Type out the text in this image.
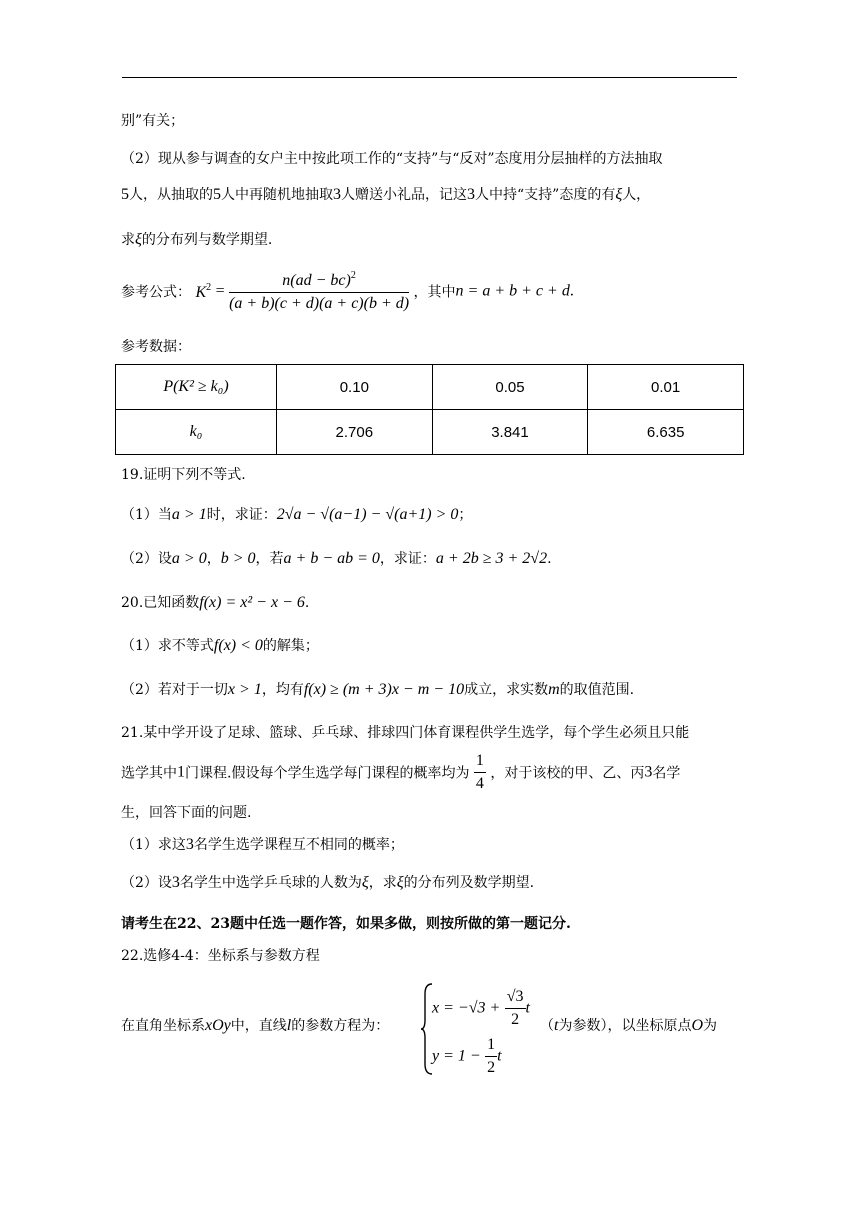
别”有关；
（2）现从参与调查的女户主中按此项工作的“支持”与“反对”态度用分层抽样的方法抽取
5人，从抽取的5人中再随机地抽取3人赠送小礼品，记这3人中持“支持”态度的有ξ人，
求ξ的分布列与数学期望.
参考公式： $K^2 = \frac{n(ad - bc)^2}{(a + b)(c + d)(a + c)(b + d)}$ ，其中n = a + b + c + d.
参考数据：
P(K² ≥ k₀)	0.10	0.05	0.01
k₀	2.706	3.841	6.635
19.证明下列不等式.
（1）当a > 1时，求证：2√a − √(a−1) − √(a+1) > 0；
（2）设a > 0，b > 0，若a + b − ab = 0，求证：a + 2b ≥ 3 + 2√2.
20.已知函数f(x) = x² − x − 6.
（1）求不等式f(x) < 0的解集；
（2）若对于一切x > 1，均有f(x) ≥ (m + 3)x − m − 10成立，求实数m的取值范围.
21.某中学开设了足球、篮球、乒乓球、排球四门体育课程供学生选学，每个学生必须且只能
选学其中1门课程.假设每个学生选学每门课程的概率均为 $\frac{1}{4}$ ，对于该校的甲、乙、丙3名学
生，回答下面的问题.
（1）求这3名学生选学课程互不相同的概率；
（2）设3名学生中选学乒乓球的人数为ξ，求ξ的分布列及数学期望.
请考生在22、23题中任选一题作答，如果多做，则按所做的第一题记分.
22.选修4-4：坐标系与参数方程
在直角坐标系xOy中，直线l的参数方程为：
$x = -√3 + \frac{√3}{2}$ t
$y = 1 - \frac{1}{2}$ t
（t为参数），以坐标原点O为
